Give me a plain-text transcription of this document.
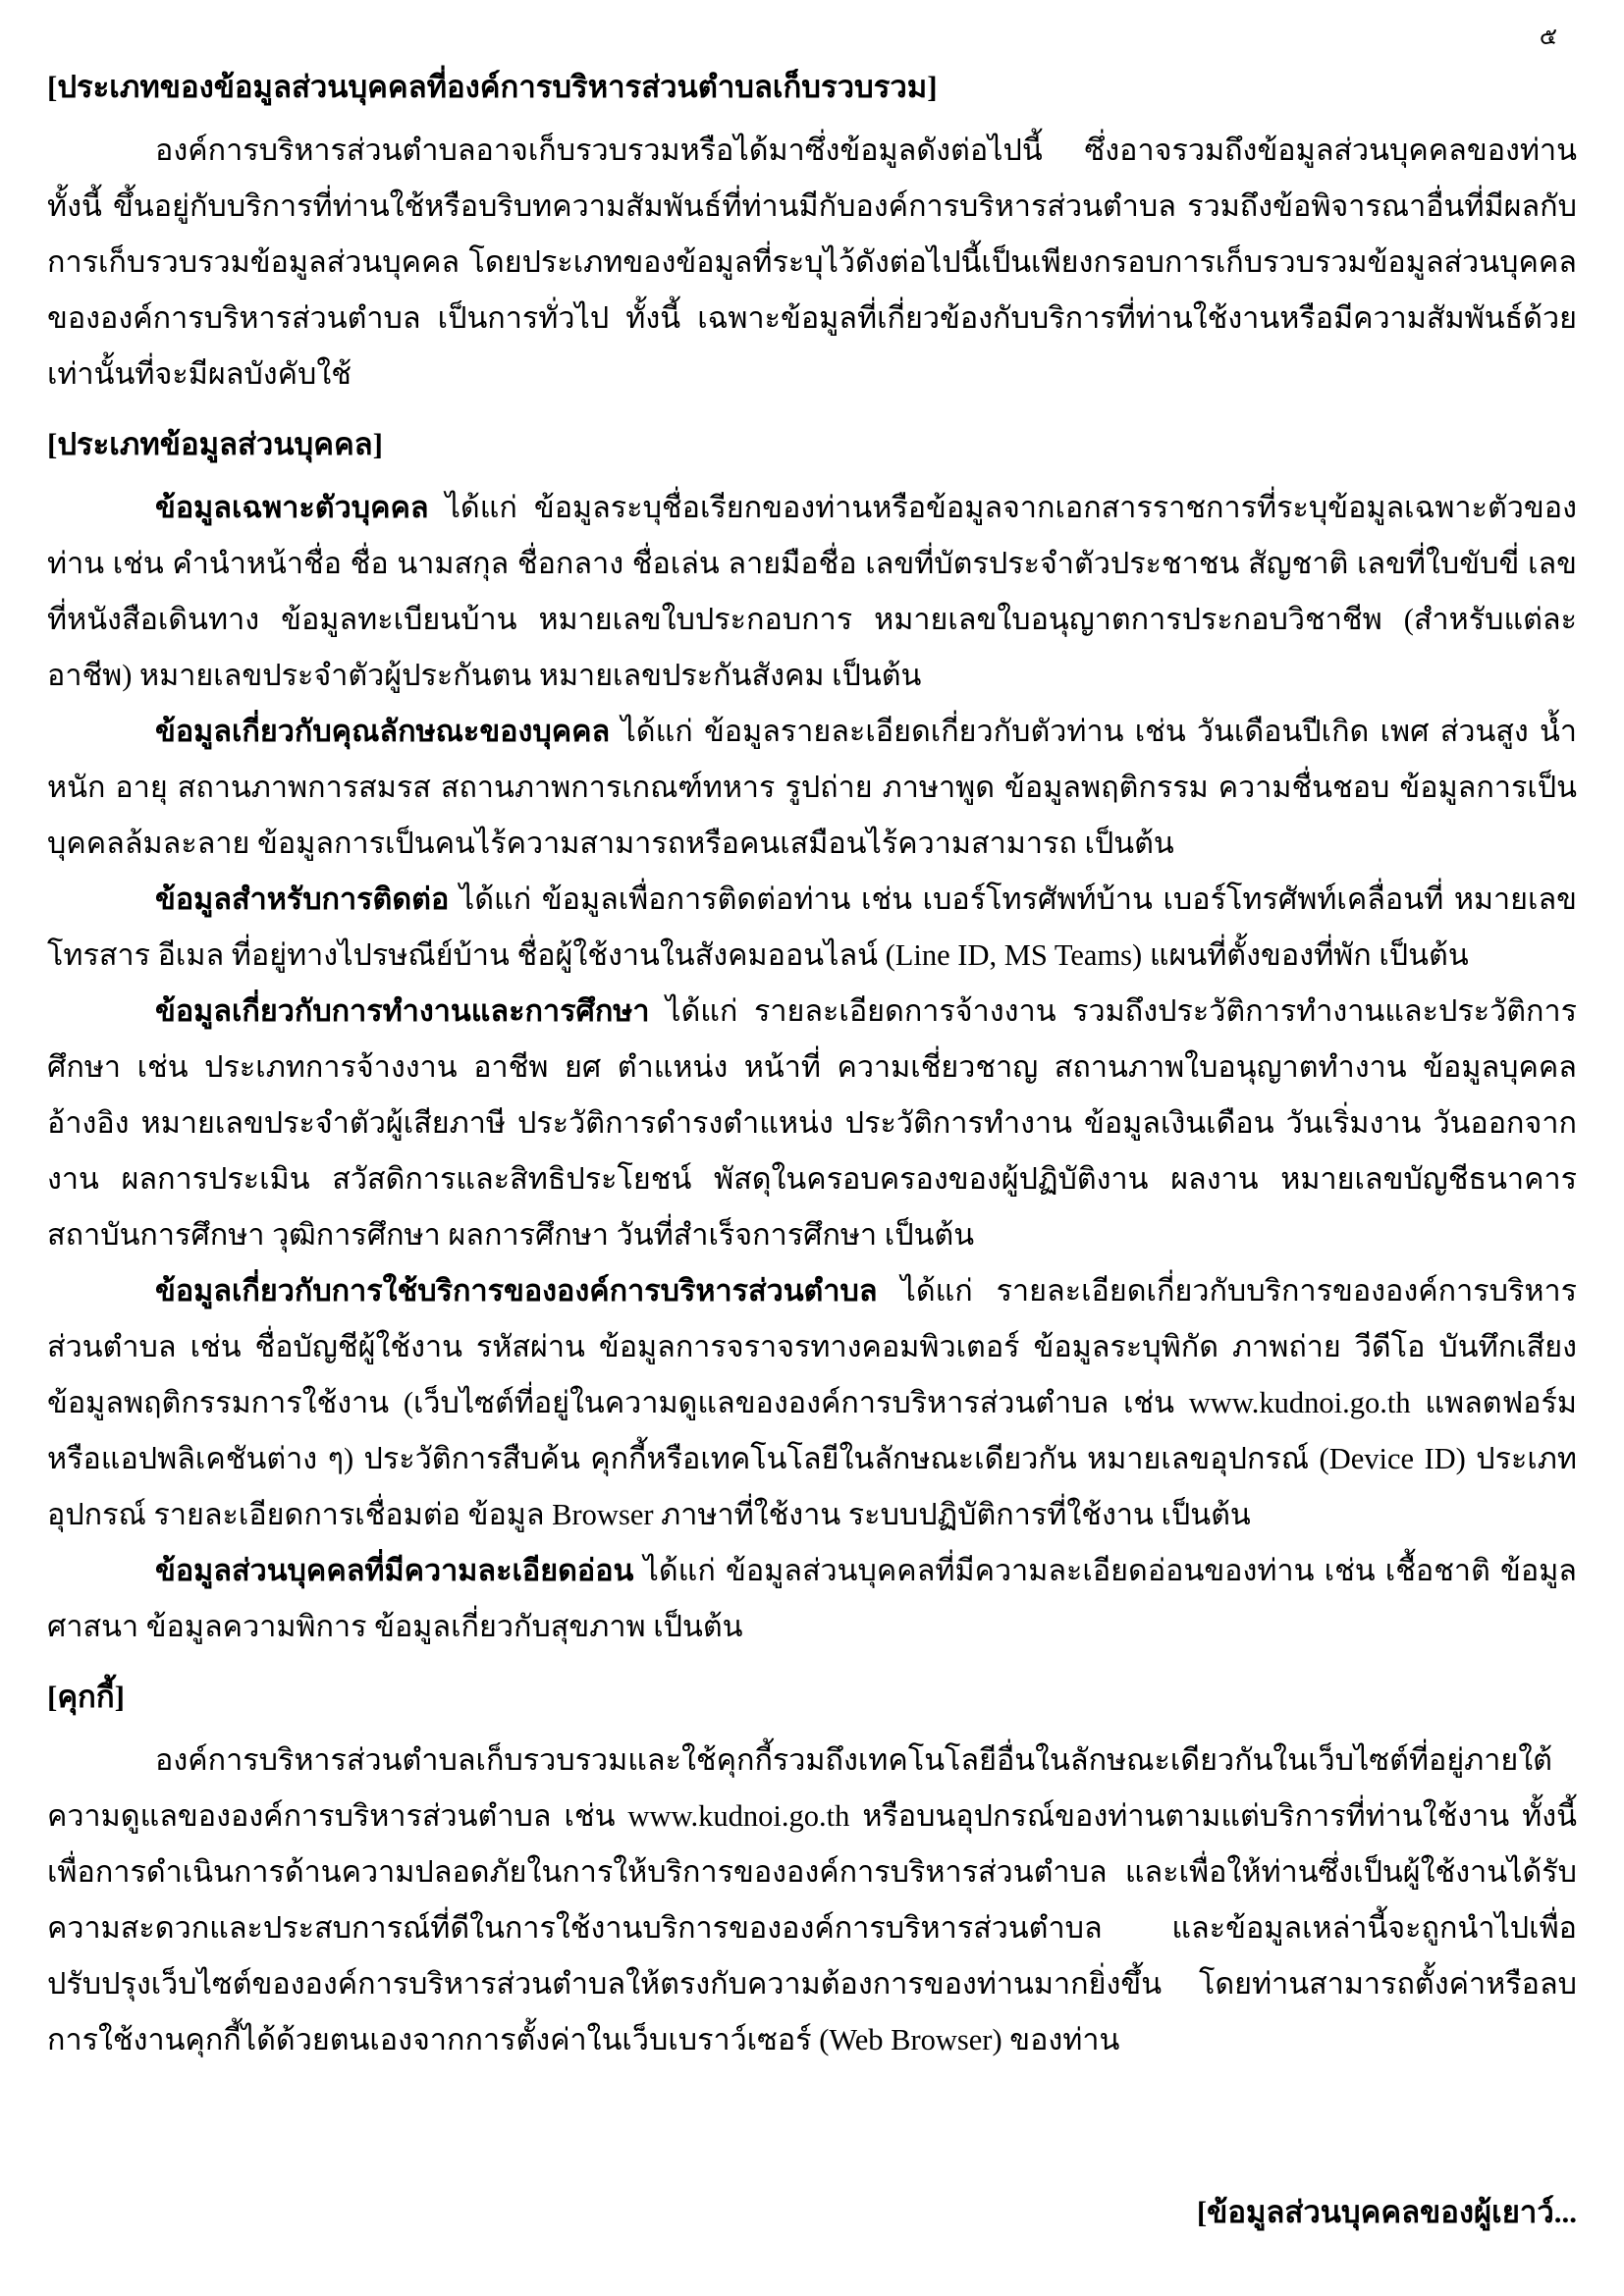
๕
[ประเภทของข้อมูลส่วนบุคคลที่องค์การบริหารส่วนตำบลเก็บรวบรวม]

องค์การบริหารส่วนตำบลอาจเก็บรวบรวมหรือได้มาซึ่งข้อมูลดังต่อไปนี้ ซึ่งอาจรวมถึงข้อมูลส่วนบุคคลของท่าน ทั้งนี้ ขึ้นอยู่กับบริการที่ท่านใช้หรือบริบทความสัมพันธ์ที่ท่านมีกับองค์การบริหารส่วนตำบล รวมถึงข้อพิจารณาอื่นที่มีผลกับการเก็บรวบรวมข้อมูลส่วนบุคคล โดยประเภทของข้อมูลที่ระบุไว้ดังต่อไปนี้เป็นเพียงกรอบการเก็บรวบรวมข้อมูลส่วนบุคคลขององค์การบริหารส่วนตำบล เป็นการทั่วไป ทั้งนี้ เฉพาะข้อมูลที่เกี่ยวข้องกับบริการที่ท่านใช้งานหรือมีความสัมพันธ์ด้วยเท่านั้นที่จะมีผลบังคับใช้

[ประเภทข้อมูลส่วนบุคคล]

ข้อมูลเฉพาะตัวบุคคล ได้แก่ ข้อมูลระบุชื่อเรียกของท่านหรือข้อมูลจากเอกสารราชการที่ระบุข้อมูลเฉพาะตัวของท่าน เช่น คำนำหน้าชื่อ ชื่อ นามสกุล ชื่อกลาง ชื่อเล่น ลายมือชื่อ เลขที่บัตรประจำตัวประชาชน สัญชาติ เลขที่ใบขับขี่ เลขที่หนังสือเดินทาง ข้อมูลทะเบียนบ้าน หมายเลขใบประกอบการ หมายเลขใบอนุญาตการประกอบวิชาชีพ (สำหรับแต่ละอาชีพ) หมายเลขประจำตัวผู้ประกันตน หมายเลขประกันสังคม เป็นต้น

ข้อมูลเกี่ยวกับคุณลักษณะของบุคคล ได้แก่ ข้อมูลรายละเอียดเกี่ยวกับตัวท่าน เช่น วันเดือนปีเกิด เพศ ส่วนสูง น้ำหนัก อายุ สถานภาพการสมรส สถานภาพการเกณฑ์ทหาร รูปถ่าย ภาษาพูด ข้อมูลพฤติกรรม ความชื่นชอบ ข้อมูลการเป็นบุคคลล้มละลาย ข้อมูลการเป็นคนไร้ความสามารถหรือคนเสมือนไร้ความสามารถ เป็นต้น

ข้อมูลสำหรับการติดต่อ ได้แก่ ข้อมูลเพื่อการติดต่อท่าน เช่น เบอร์โทรศัพท์บ้าน เบอร์โทรศัพท์เคลื่อนที่ หมายเลขโทรสาร อีเมล ที่อยู่ทางไปรษณีย์บ้าน ชื่อผู้ใช้งานในสังคมออนไลน์ (Line ID, MS Teams) แผนที่ตั้งของที่พัก เป็นต้น

ข้อมูลเกี่ยวกับการทำงานและการศึกษา ได้แก่ รายละเอียดการจ้างงาน รวมถึงประวัติการทำงานและประวัติการศึกษา เช่น ประเภทการจ้างงาน อาชีพ ยศ ตำแหน่ง หน้าที่ ความเชี่ยวชาญ สถานภาพใบอนุญาตทำงาน ข้อมูลบุคคลอ้างอิง หมายเลขประจำตัวผู้เสียภาษี ประวัติการดำรงตำแหน่ง ประวัติการทำงาน ข้อมูลเงินเดือน วันเริ่มงาน วันออกจากงาน ผลการประเมิน สวัสดิการและสิทธิประโยชน์ พัสดุในครอบครองของผู้ปฏิบัติงาน ผลงาน หมายเลขบัญชีธนาคาร สถาบันการศึกษา วุฒิการศึกษา ผลการศึกษา วันที่สำเร็จการศึกษา เป็นต้น

ข้อมูลเกี่ยวกับการใช้บริการขององค์การบริหารส่วนตำบล ได้แก่ รายละเอียดเกี่ยวกับบริการขององค์การบริหารส่วนตำบล เช่น ชื่อบัญชีผู้ใช้งาน รหัสผ่าน ข้อมูลการจราจรทางคอมพิวเตอร์ ข้อมูลระบุพิกัด ภาพถ่าย วีดีโอ บันทึกเสียง ข้อมูลพฤติกรรมการใช้งาน (เว็บไซต์ที่อยู่ในความดูแลขององค์การบริหารส่วนตำบล เช่น www.kudnoi.go.th แพลตฟอร์มหรือแอปพลิเคชันต่าง ๆ) ประวัติการสืบค้น คุกกี้หรือเทคโนโลยีในลักษณะเดียวกัน หมายเลขอุปกรณ์ (Device ID) ประเภทอุปกรณ์ รายละเอียดการเชื่อมต่อ ข้อมูล Browser ภาษาที่ใช้งาน ระบบปฏิบัติการที่ใช้งาน เป็นต้น

ข้อมูลส่วนบุคคลที่มีความละเอียดอ่อน ได้แก่ ข้อมูลส่วนบุคคลที่มีความละเอียดอ่อนของท่าน เช่น เชื้อชาติ ข้อมูลศาสนา ข้อมูลความพิการ ข้อมูลเกี่ยวกับสุขภาพ เป็นต้น

[คุกกี้]

องค์การบริหารส่วนตำบลเก็บรวบรวมและใช้คุกกี้รวมถึงเทคโนโลยีอื่นในลักษณะเดียวกันในเว็บไซต์ที่อยู่ภายใต้ความดูแลขององค์การบริหารส่วนตำบล เช่น www.kudnoi.go.th หรือบนอุปกรณ์ของท่านตามแต่บริการที่ท่านใช้งาน ทั้งนี้ เพื่อการดำเนินการด้านความปลอดภัยในการให้บริการขององค์การบริหารส่วนตำบล และเพื่อให้ท่านซึ่งเป็นผู้ใช้งานได้รับความสะดวกและประสบการณ์ที่ดีในการใช้งานบริการขององค์การบริหารส่วนตำบล และข้อมูลเหล่านี้จะถูกนำไปเพื่อปรับปรุงเว็บไซต์ขององค์การบริหารส่วนตำบลให้ตรงกับความต้องการของท่านมากยิ่งขึ้น โดยท่านสามารถตั้งค่าหรือลบการใช้งานคุกกี้ได้ด้วยตนเองจากการตั้งค่าในเว็บเบราว์เซอร์ (Web Browser) ของท่าน

[ข้อมูลส่วนบุคคลของผู้เยาว์...
